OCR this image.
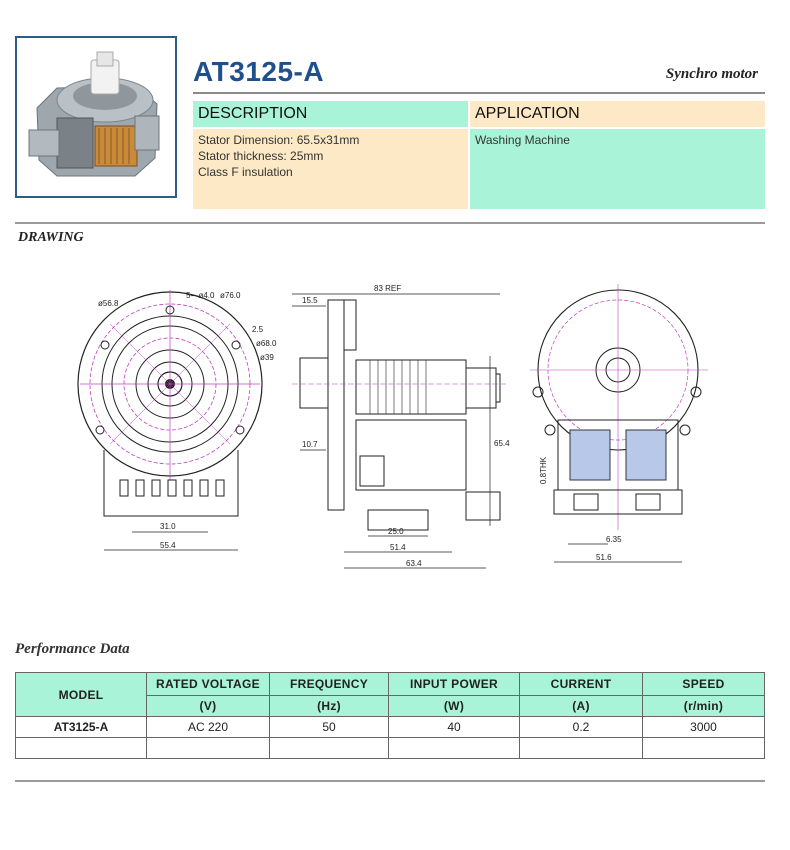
AT3125-A	Synchro motor
DESCRIPTION
Stator Dimension: 65.5x31mm
Stator thickness: 25mm
Class F insulation
APPLICATION
Washing Machine
DRAWING
ø56.8
5—ø4.0 ø76.0
2.5
ø68.0
ø39
31.0
55.4
83 REF
15.5
10.7	65.4
25.0
51.4
63.4
0.8THK
6.35
51.6
Performance Data
MODEL	RATED VOLTAGE	FREQUENCY	INPUT POWER	CURRENT	SPEED
	(V)	(Hz)	(W)	(A)	(r/min)
AT3125-A	AC 220	50	40	0.2	3000
